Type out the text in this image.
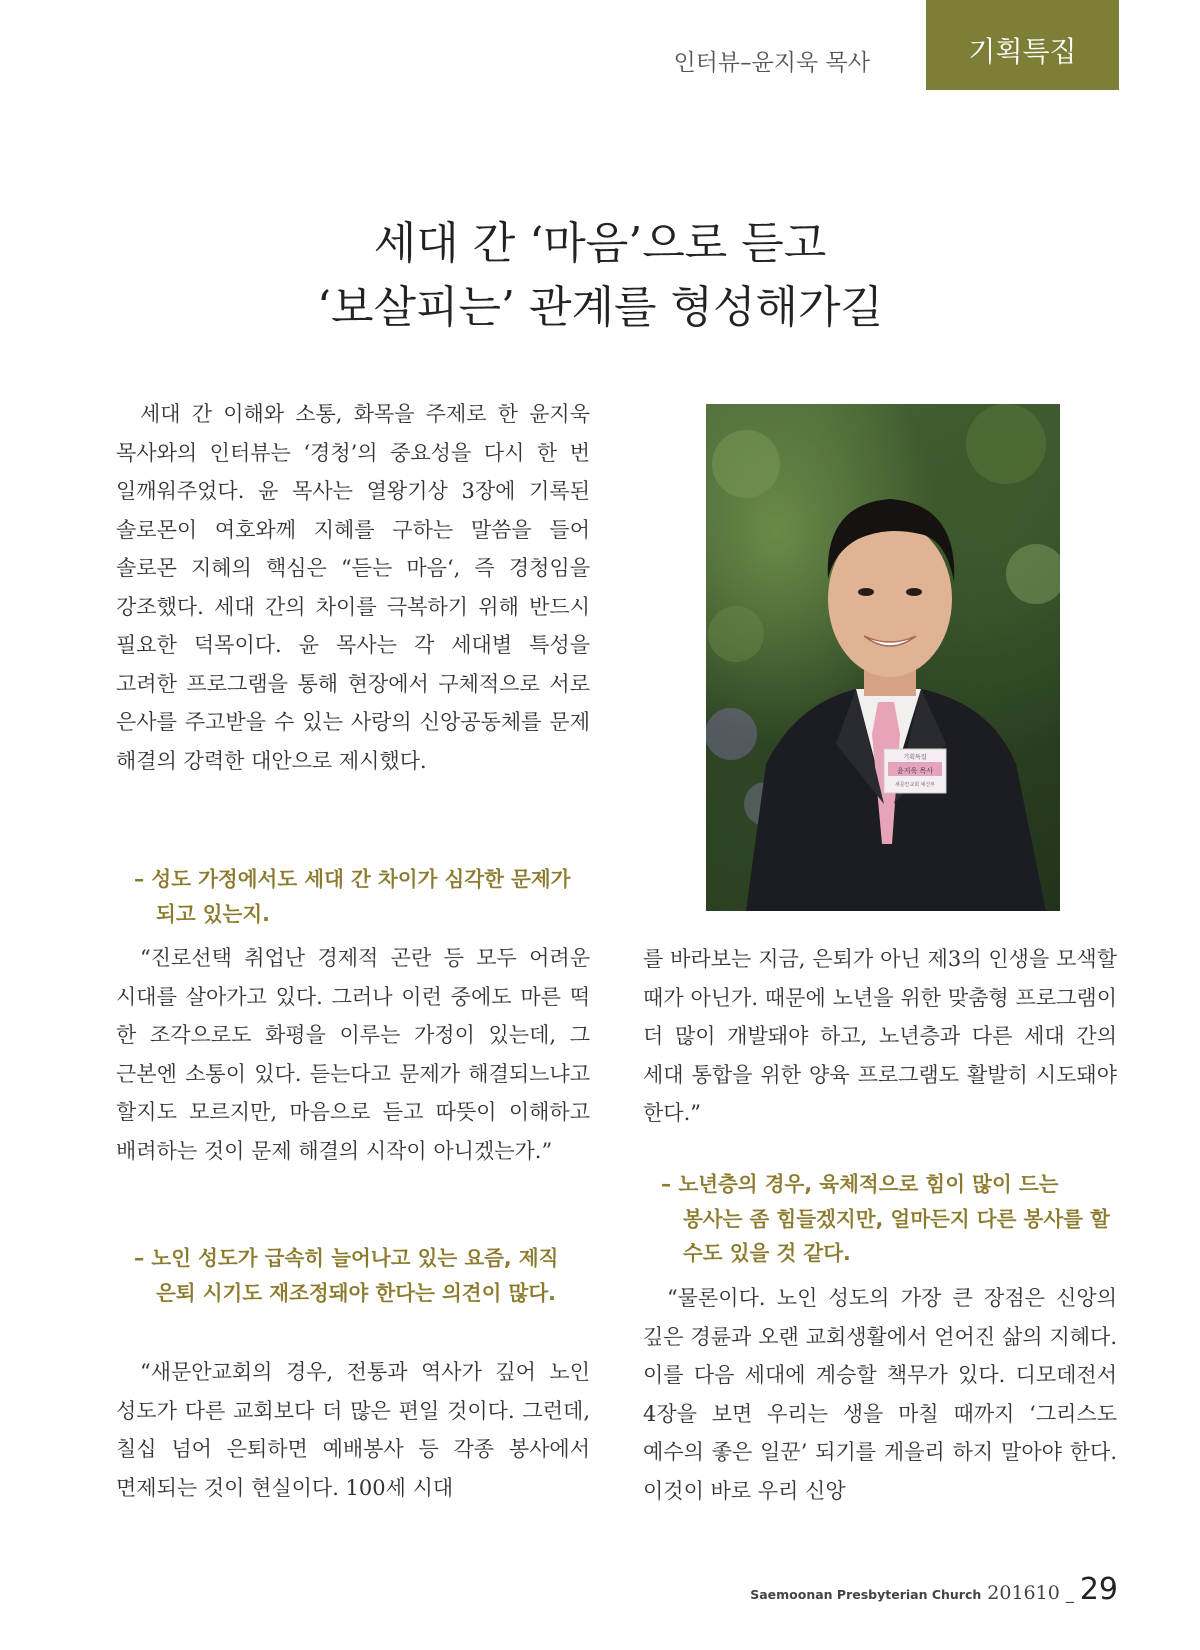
인터뷰–윤지욱 목사	기획특집
세대 간 ‘마음’으로 듣고
‘보살피는’ 관계를 형성해가길

세대 간 이해와 소통, 화목을 주제로 한 윤지욱 목사와의 인터뷰는 ‘경청’의 중요성을 다시 한 번 일깨워주었다. 윤 목사는 열왕기상 3장에 기록된 솔로몬이 여호와께 지혜를 구하는 말씀을 들어 솔로몬 지혜의 핵심은 “듣는 마음‘, 즉 경청임을 강조했다. 세대 간의 차이를 극복하기 위해 반드시 필요한 덕목이다. 윤 목사는 각 세대별 특성을 고려한 프로그램을 통해 현장에서 구체적으로 서로 은사를 주고받을 수 있는 사랑의 신앙공동체를 문제 해결의 강력한 대안으로 제시했다.

– 성도 가정에서도 세대 간 차이가 심각한 문제가 되고 있는지.

“진로선택 취업난 경제적 곤란 등 모두 어려운 시대를 살아가고 있다. 그러나 이런 중에도 마른 떡 한 조각으로도 화평을 이루는 가정이 있는데, 그 근본엔 소통이 있다. 듣는다고 문제가 해결되느냐고 할지도 모르지만, 마음으로 듣고 따뜻이 이해하고 배려하는 것이 문제 해결의 시작이 아니겠는가.”

– 노인 성도가 급속히 늘어나고 있는 요즘, 제직 은퇴 시기도 재조정돼야 한다는 의견이 많다.

“새문안교회의 경우, 전통과 역사가 깊어 노인 성도가 다른 교회보다 더 많은 편일 것이다. 그런데, 칠십 넘어 은퇴하면 예배봉사 등 각종 봉사에서 면제되는 것이 현실이다. 100세 시대

기획특집
윤지욱 목사
새문안교회 예산부

를 바라보는 지금, 은퇴가 아닌 제3의 인생을 모색할 때가 아닌가. 때문에 노년을 위한 맞춤형 프로그램이 더 많이 개발돼야 하고, 노년층과 다른 세대 간의 세대 통합을 위한 양육 프로그램도 활발히 시도돼야 한다.”

– 노년층의 경우, 육체적으로 힘이 많이 드는 봉사는 좀 힘들겠지만, 얼마든지 다른 봉사를 할 수도 있을 것 같다.

“물론이다. 노인 성도의 가장 큰 장점은 신앙의 깊은 경륜과 오랜 교회생활에서 얻어진 삶의 지혜다. 이를 다음 세대에 계승할 책무가 있다. 디모데전서 4장을 보면 우리는 생을 마칠 때까지 ‘그리스도 예수의 좋은 일꾼’ 되기를 게을리 하지 말아야 한다. 이것이 바로 우리 신앙

Saemoonan Presbyterian Church 201610 _ 29
